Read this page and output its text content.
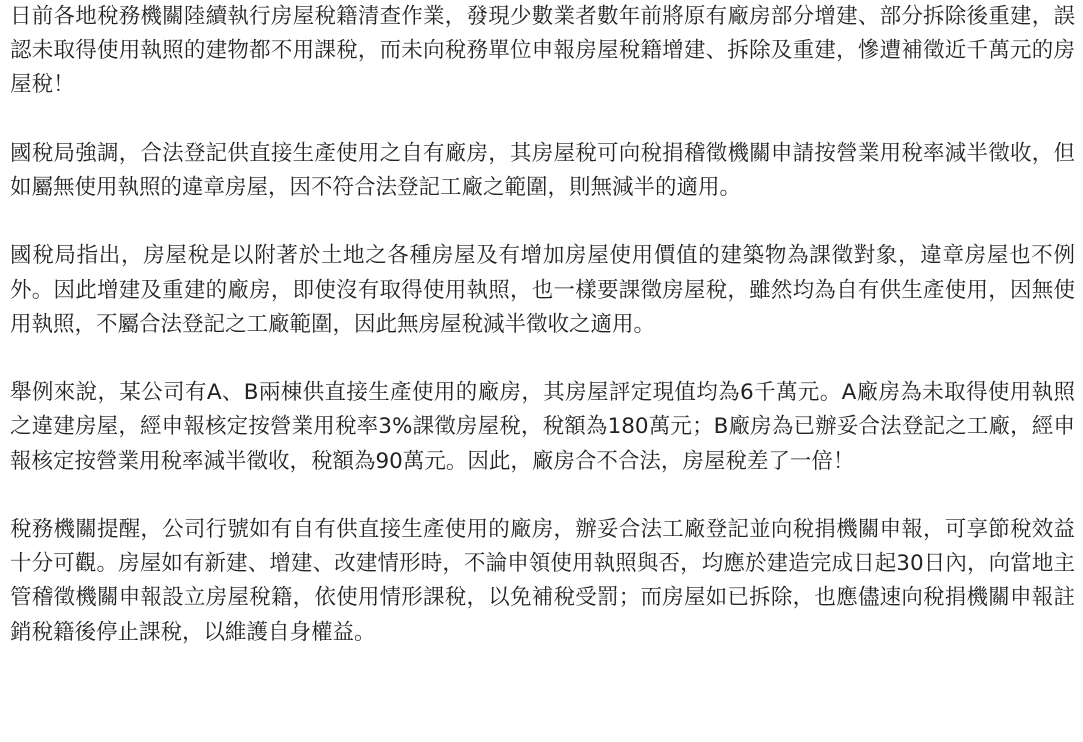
日前各地稅務機關陸續執行房屋稅籍清查作業，發現少數業者數年前將原有廠房部分增建、部分拆除後重建，誤認未取得使用執照的建物都不用課稅，而未向稅務單位申報房屋稅籍增建、拆除及重建，慘遭補徵近千萬元的房屋稅！

國稅局強調，合法登記供直接生產使用之自有廠房，其房屋稅可向稅捐稽徵機關申請按營業用稅率減半徵收，但如屬無使用執照的違章房屋，因不符合法登記工廠之範圍，則無減半的適用。

國稅局指出，房屋稅是以附著於土地之各種房屋及有增加房屋使用價值的建築物為課徵對象，違章房屋也不例外。因此增建及重建的廠房，即使沒有取得使用執照，也一樣要課徵房屋稅，雖然均為自有供生產使用，因無使用執照，不屬合法登記之工廠範圍，因此無房屋稅減半徵收之適用。

舉例來說，某公司有A、B兩棟供直接生產使用的廠房，其房屋評定現值均為6千萬元。A廠房為未取得使用執照之違建房屋，經申報核定按營業用稅率3%課徵房屋稅，稅額為180萬元；B廠房為已辦妥合法登記之工廠，經申報核定按營業用稅率減半徵收，稅額為90萬元。因此，廠房合不合法，房屋稅差了一倍！

稅務機關提醒，公司行號如有自有供直接生產使用的廠房，辦妥合法工廠登記並向稅捐機關申報，可享節稅效益十分可觀。房屋如有新建、增建、改建情形時，不論申領使用執照與否，均應於建造完成日起30日內，向當地主管稽徵機關申報設立房屋稅籍，依使用情形課稅，以免補稅受罰；而房屋如已拆除，也應儘速向稅捐機關申報註銷稅籍後停止課稅，以維護自身權益。
